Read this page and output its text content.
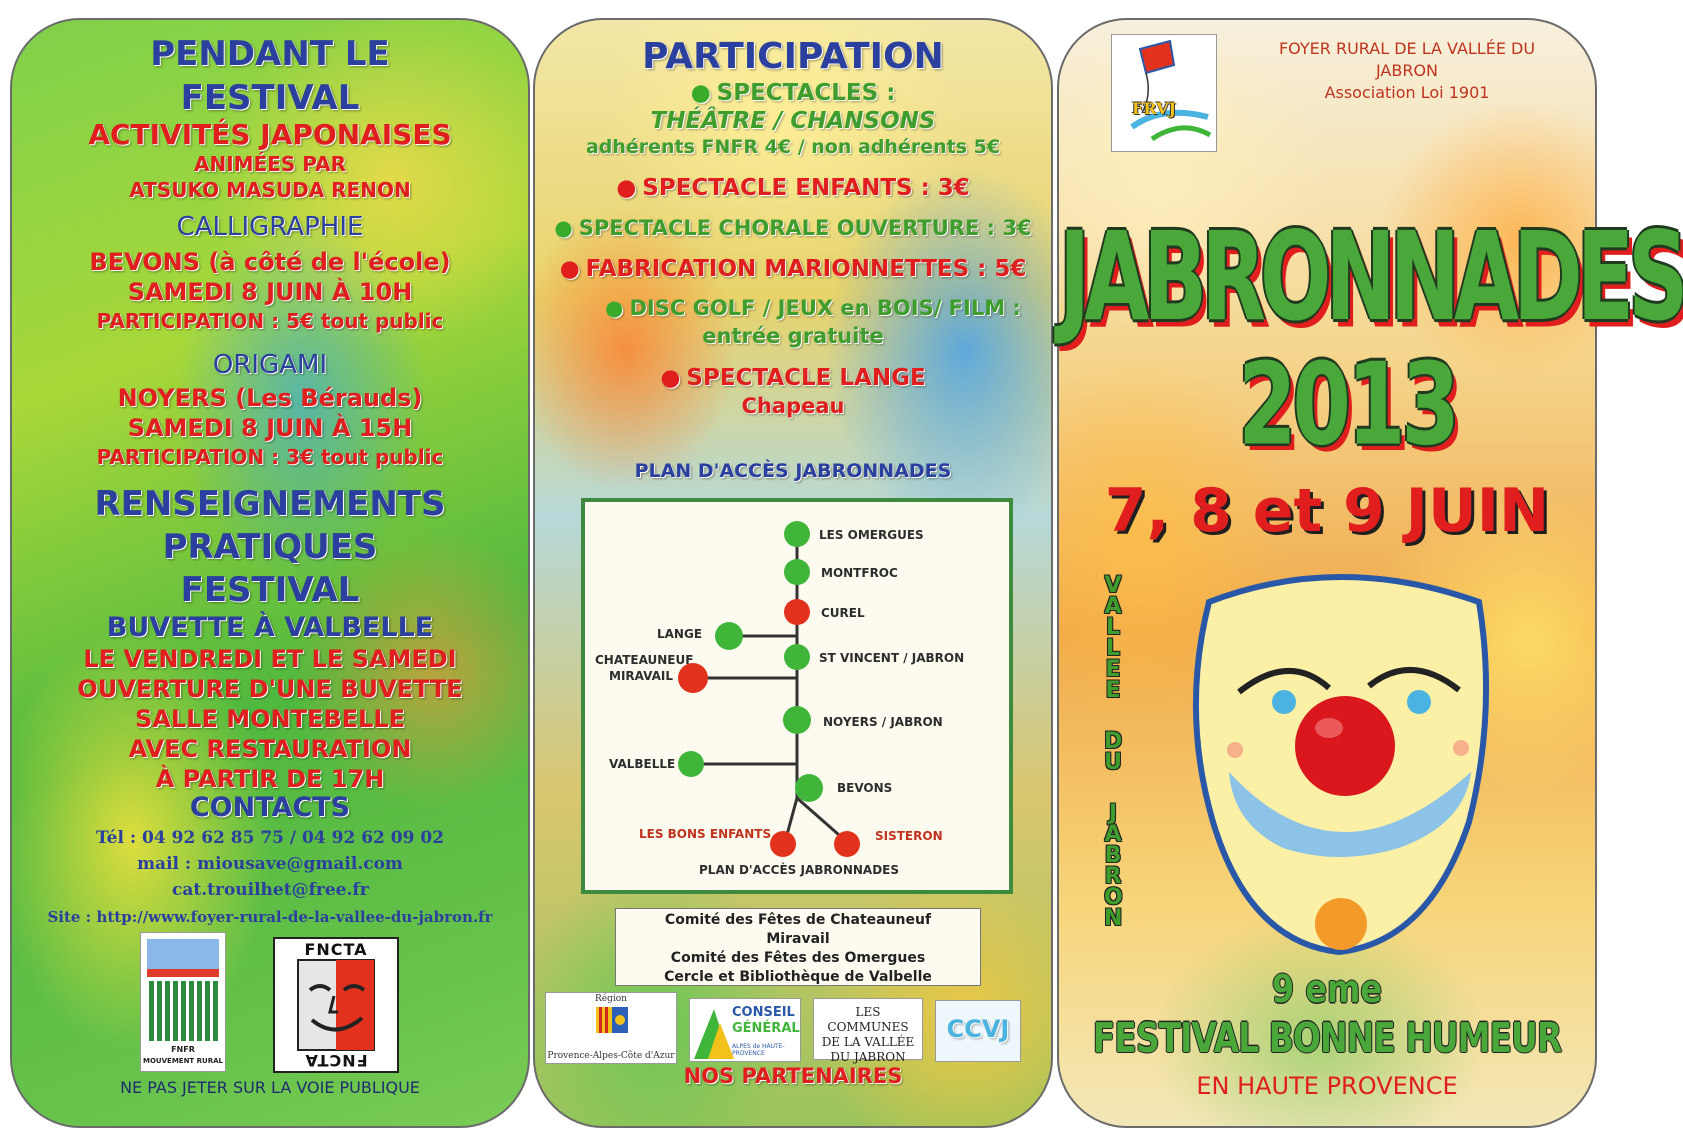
PENDANT LE
FESTIVAL
ACTIVITÉS JAPONAISES
ANIMÉES PAR
ATSUKO MASUDA RENON
CALLIGRAPHIE
BEVONS (à côté de l'école)
SAMEDI 8 JUIN À 10H
PARTICIPATION : 5€ tout public
ORIGAMI
NOYERS (Les Bérauds)
SAMEDI 8 JUIN À 15H
PARTICIPATION : 3€ tout public
RENSEIGNEMENTS
PRATIQUES
FESTIVAL
BUVETTE À VALBELLE
LE VENDREDI ET LE SAMEDI
OUVERTURE D'UNE BUVETTE
SALLE MONTEBELLE
AVEC RESTAURATION
À PARTIR DE 17H
CONTACTS
Tél : 04 92 62 85 75 / 04 92 62 09 02
mail : miousave@gmail.com
cat.trouilhet@free.fr
Site : http://www.foyer-rural-de-la-vallee-du-jabron.fr
FNFR
MOUVEMENT RURAL
FNCTA
FNCTA
NE PAS JETER SUR LA VOIE PUBLIQUE
PARTICIPATION
● SPECTACLES :
THÉÂTRE / CHANSONS
adhérents FNFR 4€ / non adhérents 5€
● SPECTACLE ENFANTS : 3€
● SPECTACLE CHORALE OUVERTURE : 3€
● FABRICATION MARIONNETTES : 5€
● DISC GOLF / JEUX en BOIS/ FILM :
entrée gratuite
● SPECTACLE LANGE
Chapeau
PLAN D'ACCÈS JABRONNADES
LES OMERGUES
MONTFROC
CUREL
LANGE
ST VINCENT / JABRON
CHATEAUNEUF
MIRAVAIL
NOYERS / JABRON
VALBELLE
BEVONS
LES BONS ENFANTS	SISTERON
PLAN D'ACCÈS JABRONNADES
Comité des Fêtes de Chateauneuf
Miravail
Comité des Fêtes des Omergues
Cercle et Bibliothèque de Valbelle
Région
Provence-Alpes-Côte d'Azur
CONSEIL
GÉNÉRAL
ALPES de HAUTE-PROVENCE
LES COMMUNES
DE LA VALLÉE
DU JABRON
CCVJ
NOS PARTENAIRES
FRVJ
FOYER RURAL DE LA VALLÉE DU
JABRON
Association Loi 1901
JABRONNADES
2013
7, 8 et 9 JUIN
VALLEE
DU
JABRON
9 eme
FESTIVAL BONNE HUMEUR
EN HAUTE PROVENCE
